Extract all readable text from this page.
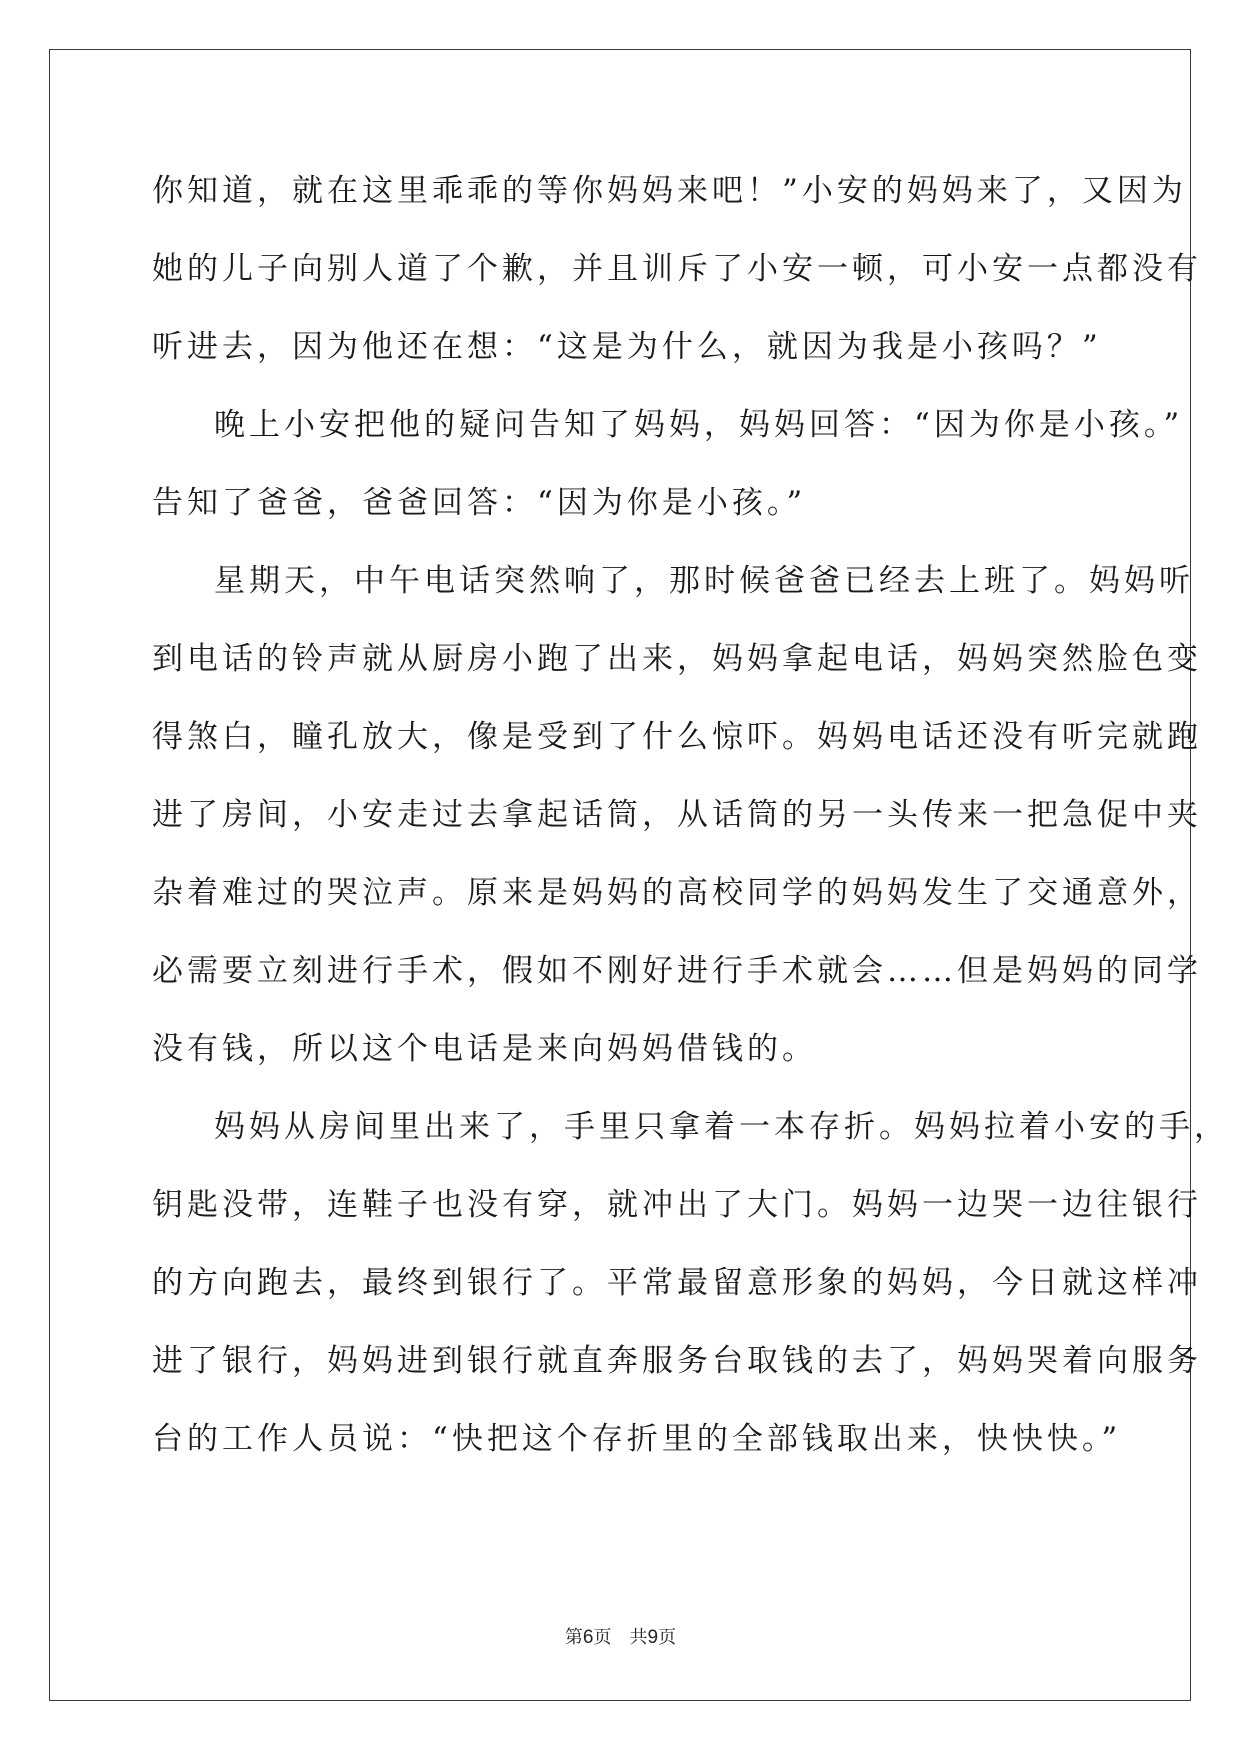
你知道，就在这里乖乖的等你妈妈来吧！”小安的妈妈来了，又因为
她的儿子向别人道了个歉，并且训斥了小安一顿，可小安一点都没有
听进去，因为他还在想：“这是为什么，就因为我是小孩吗？”
晚上小安把他的疑问告知了妈妈，妈妈回答：“因为你是小孩。”
告知了爸爸，爸爸回答：“因为你是小孩。”
星期天，中午电话突然响了，那时候爸爸已经去上班了。妈妈听
到电话的铃声就从厨房小跑了出来，妈妈拿起电话，妈妈突然脸色变
得煞白，瞳孔放大，像是受到了什么惊吓。妈妈电话还没有听完就跑
进了房间，小安走过去拿起话筒，从话筒的另一头传来一把急促中夹
杂着难过的哭泣声。原来是妈妈的高校同学的妈妈发生了交通意外，
必需要立刻进行手术，假如不刚好进行手术就会……但是妈妈的同学
没有钱，所以这个电话是来向妈妈借钱的。
妈妈从房间里出来了，手里只拿着一本存折。妈妈拉着小安的手，
钥匙没带，连鞋子也没有穿，就冲出了大门。妈妈一边哭一边往银行
的方向跑去，最终到银行了。平常最留意形象的妈妈，今日就这样冲
进了银行，妈妈进到银行就直奔服务台取钱的去了，妈妈哭着向服务
台的工作人员说：“快把这个存折里的全部钱取出来，快快快。”
第6页　共9页
